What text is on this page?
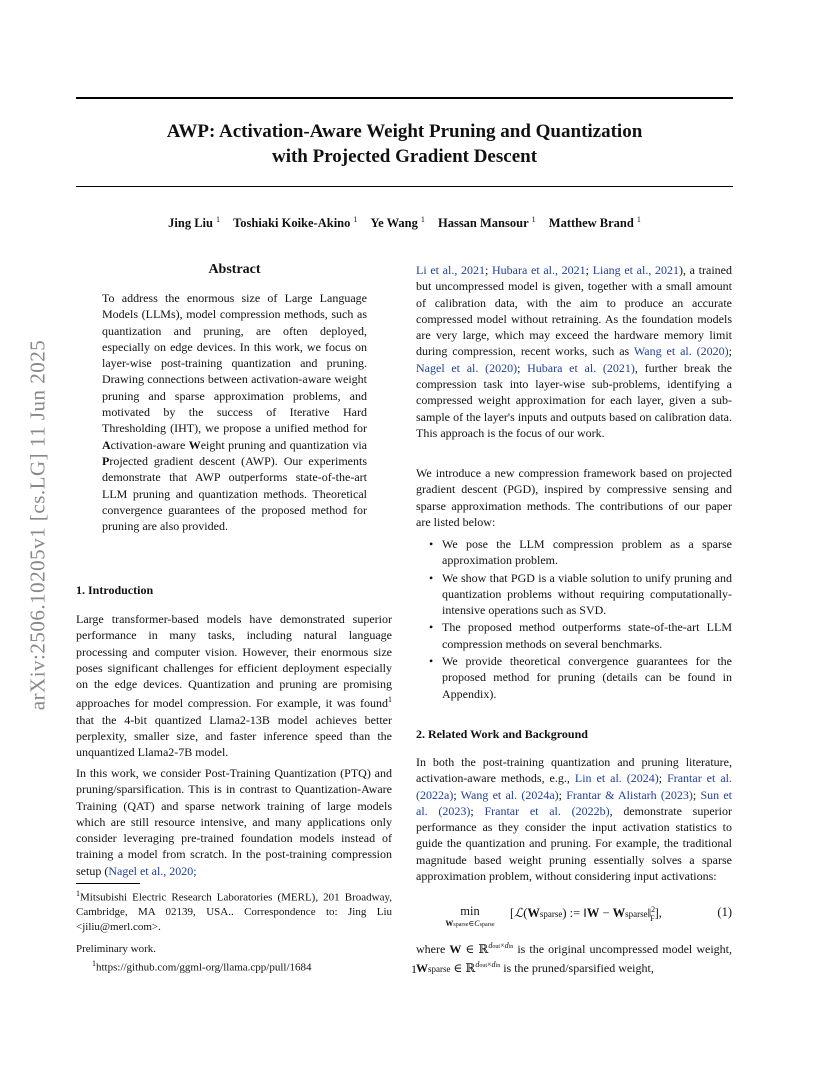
arXiv:2506.10205v1 [cs.LG] 11 Jun 2025
AWP: Activation-Aware Weight Pruning and Quantization
with Projected Gradient Descent
Jing Liu $^1$ Toshiaki Koike-Akino $^1$ Ye Wang $^1$ Hassan Mansour $^1$ Matthew Brand $^1$
Abstract
To address the enormous size of Large Language Models (LLMs), model compression methods, such as quantization and pruning, are often deployed, especially on edge devices. In this work, we focus on layer-wise post-training quantization and pruning. Drawing connections between activation-aware weight pruning and sparse approximation problems, and motivated by the success of Iterative Hard Thresholding (IHT), we propose a unified method for Activation-aware Weight pruning and quantization via Projected gradient descent (AWP). Our experiments demonstrate that AWP outperforms state-of-the-art LLM pruning and quantization methods. Theoretical convergence guarantees of the proposed method for pruning are also provided.
1. Introduction
Large transformer-based models have demonstrated superior performance in many tasks, including natural language processing and computer vision. However, their enormous size poses significant challenges for efficient deployment especially on the edge devices. Quantization and pruning are promising approaches for model compression. For example, it was found$^1$ that the 4-bit quantized Llama2-13B model achieves better perplexity, smaller size, and faster inference speed than the unquantized Llama2-7B model.
In this work, we consider Post-Training Quantization (PTQ) and pruning/sparsification. This is in contrast to Quantization-Aware Training (QAT) and sparse network training of large models which are still resource intensive, and many applications only consider leveraging pre-trained foundation models instead of training a model from scratch. In the post-training compression setup (Nagel et al., 2020;
$^1$Mitsubishi Electric Research Laboratories (MERL), 201 Broadway, Cambridge, MA 02139, USA.. Correspondence to: Jing Liu <jiliu@merl.com>.
Preliminary work.
$^1$https://github.com/ggml-org/llama.cpp/pull/1684
Li et al., 2021; Hubara et al., 2021; Liang et al., 2021), a trained but uncompressed model is given, together with a small amount of calibration data, with the aim to produce an accurate compressed model without retraining. As the foundation models are very large, which may exceed the hardware memory limit during compression, recent works, such as Wang et al. (2020); Nagel et al. (2020); Hubara et al. (2021), further break the compression task into layer-wise sub-problems, identifying a compressed weight approximation for each layer, given a sub-sample of the layer's inputs and outputs based on calibration data. This approach is the focus of our work.
We introduce a new compression framework based on projected gradient descent (PGD), inspired by compressive sensing and sparse approximation methods. The contributions of our paper are listed below:
• We pose the LLM compression problem as a sparse approximation problem.
• We show that PGD is a viable solution to unify pruning and quantization problems without requiring computationally-intensive operations such as SVD.
• The proposed method outperforms state-of-the-art LLM compression methods on several benchmarks.
• We provide theoretical convergence guarantees for the proposed method for pruning (details can be found in Appendix).
2. Related Work and Background
In both the post-training quantization and pruning literature, activation-aware methods, e.g., Lin et al. (2024); Frantar et al. (2022a); Wang et al. (2024a); Frantar & Alistarh (2023); Sun et al. (2023); Frantar et al. (2022b), demonstrate superior performance as they consider the input activation statistics to guide the quantization and pruning. For example, the traditional magnitude based weight pruning essentially solves a sparse approximation problem, without considering input activations:
min
Wsparse∈Csparse
[ℒ(Wsparse) := ‖W − Wsparse‖$^2_F$],	(1)
where W ∈ ℝ$^{dout\times din}$ is the original uncompressed model weight, Wsparse ∈ ℝ$^{dout\times din}$ is the pruned/sparsified weight,
1
